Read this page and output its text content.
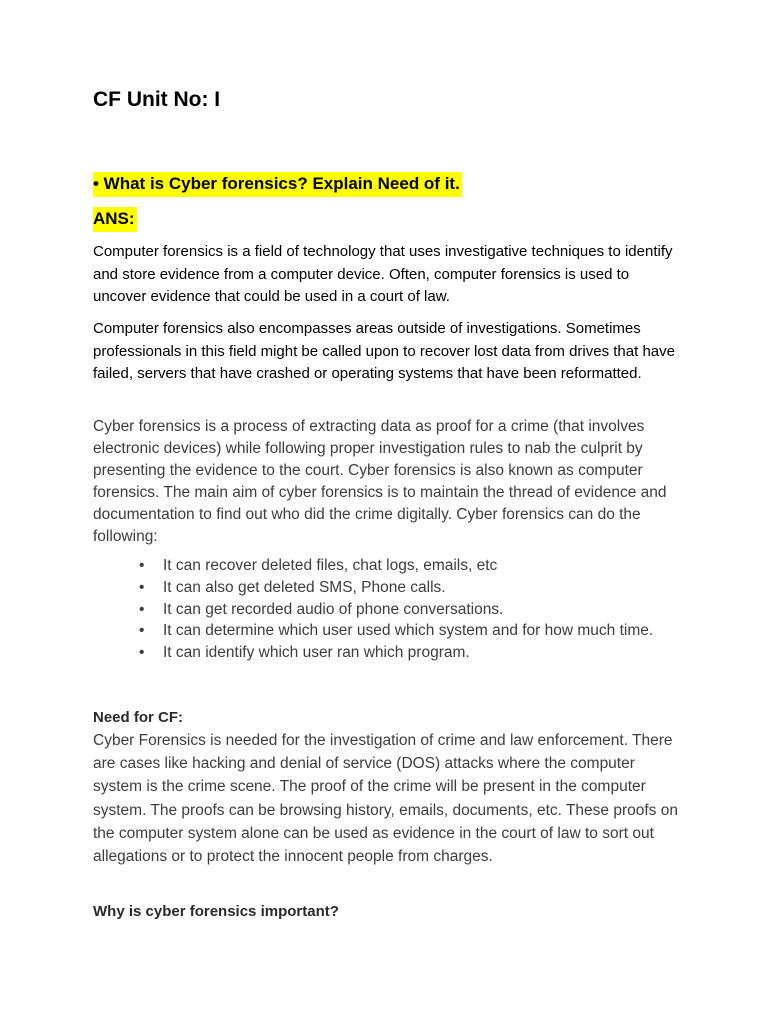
CF Unit No: I
• What is Cyber forensics? Explain Need of it.
ANS:

Computer forensics is a field of technology that uses investigative techniques to identify and store evidence from a computer device. Often, computer forensics is used to uncover evidence that could be used in a court of law.

Computer forensics also encompasses areas outside of investigations. Sometimes professionals in this field might be called upon to recover lost data from drives that have failed, servers that have crashed or operating systems that have been reformatted.

Cyber forensics is a process of extracting data as proof for a crime (that involves electronic devices) while following proper investigation rules to nab the culprit by presenting the evidence to the court. Cyber forensics is also known as computer forensics. The main aim of cyber forensics is to maintain the thread of evidence and documentation to find out who did the crime digitally. Cyber forensics can do the following:

• It can recover deleted files, chat logs, emails, etc
• It can also get deleted SMS, Phone calls.
• It can get recorded audio of phone conversations.
• It can determine which user used which system and for how much time.
• It can identify which user ran which program.
Need for CF:

Cyber Forensics is needed for the investigation of crime and law enforcement. There are cases like hacking and denial of service (DOS) attacks where the computer system is the crime scene. The proof of the crime will be present in the computer system. The proofs can be browsing history, emails, documents, etc. These proofs on the computer system alone can be used as evidence in the court of law to sort out allegations or to protect the innocent people from charges.

Why is cyber forensics important?
